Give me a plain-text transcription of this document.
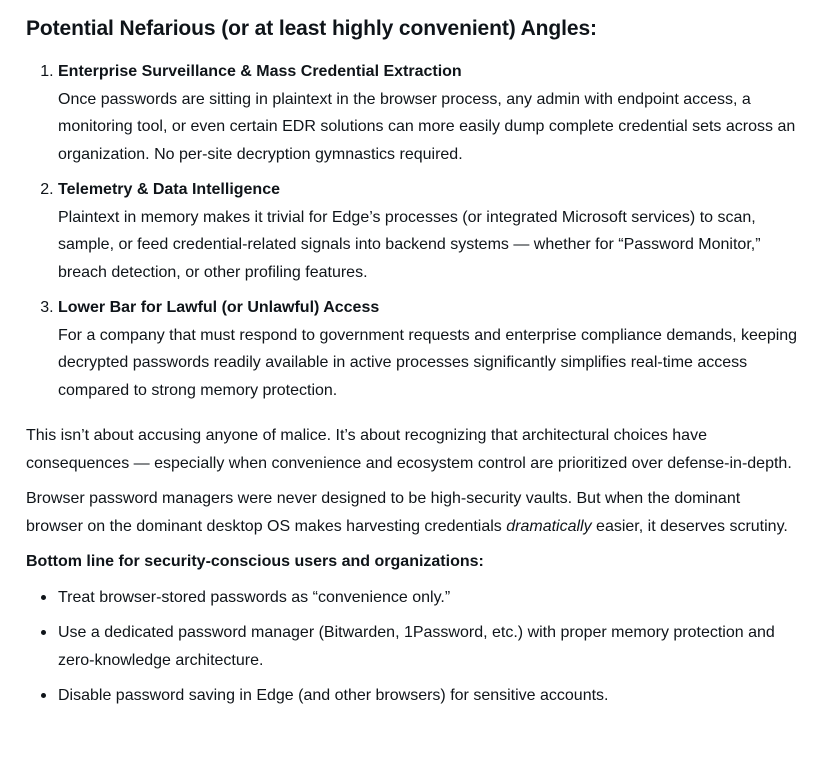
Potential Nefarious (or at least highly convenient) Angles:
1. Enterprise Surveillance & Mass Credential Extraction
Once passwords are sitting in plaintext in the browser process, any admin with endpoint access, a monitoring tool, or even certain EDR solutions can more easily dump complete credential sets across an organization. No per-site decryption gymnastics required.
2. Telemetry & Data Intelligence
Plaintext in memory makes it trivial for Edge’s processes (or integrated Microsoft services) to scan, sample, or feed credential-related signals into backend systems — whether for “Password Monitor,” breach detection, or other profiling features.
3. Lower Bar for Lawful (or Unlawful) Access
For a company that must respond to government requests and enterprise compliance demands, keeping decrypted passwords readily available in active processes significantly simplifies real-time access compared to strong memory protection.

This isn’t about accusing anyone of malice. It’s about recognizing that architectural choices have consequences — especially when convenience and ecosystem control are prioritized over defense-in-depth.

Browser password managers were never designed to be high-security vaults. But when the dominant browser on the dominant desktop OS makes harvesting credentials dramatically easier, it deserves scrutiny.

Bottom line for security-conscious users and organizations:
Treat browser-stored passwords as “convenience only.”
Use a dedicated password manager (Bitwarden, 1Password, etc.) with proper memory protection and zero-knowledge architecture.
Disable password saving in Edge (and other browsers) for sensitive accounts.
